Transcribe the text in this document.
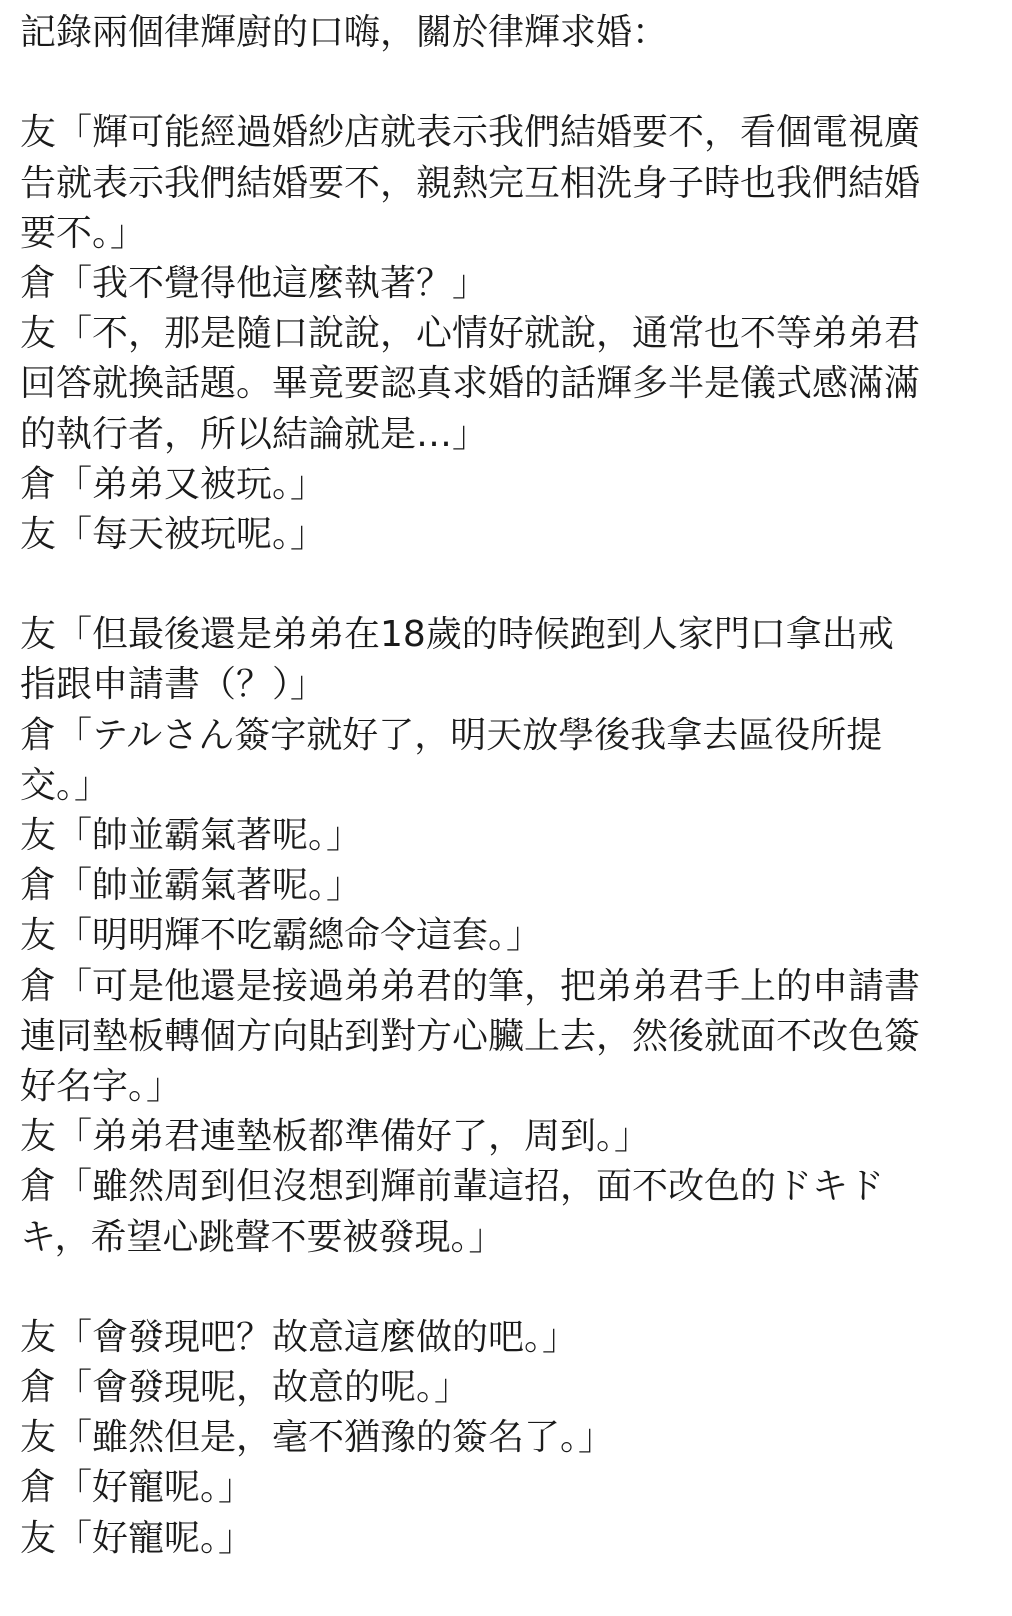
記錄兩個律輝廚的口嗨，關於律輝求婚：
友「輝可能經過婚紗店就表示我們結婚要不，看個電視廣
告就表示我們結婚要不，親熱完互相洗身子時也我們結婚
要不。」
倉「我不覺得他這麼執著？」
友「不，那是隨口說說，心情好就說，通常也不等弟弟君
回答就換話題。畢竟要認真求婚的話輝多半是儀式感滿滿
的執行者，所以結論就是…」
倉「弟弟又被玩。」
友「每天被玩呢。」
友「但最後還是弟弟在18歲的時候跑到人家門口拿出戒
指跟申請書（？）」
倉「テルさん簽字就好了，明天放學後我拿去區役所提
交。」
友「帥並霸氣著呢。」
倉「帥並霸氣著呢。」
友「明明輝不吃霸總命令這套。」
倉「可是他還是接過弟弟君的筆，把弟弟君手上的申請書
連同墊板轉個方向貼到對方心臟上去，然後就面不改色簽
好名字。」
友「弟弟君連墊板都準備好了，周到。」
倉「雖然周到但沒想到輝前輩這招，面不改色的ドキド
キ，希望心跳聲不要被發現。」
友「會發現吧？故意這麼做的吧。」
倉「會發現呢，故意的呢。」
友「雖然但是，毫不猶豫的簽名了。」
倉「好寵呢。」
友「好寵呢。」
